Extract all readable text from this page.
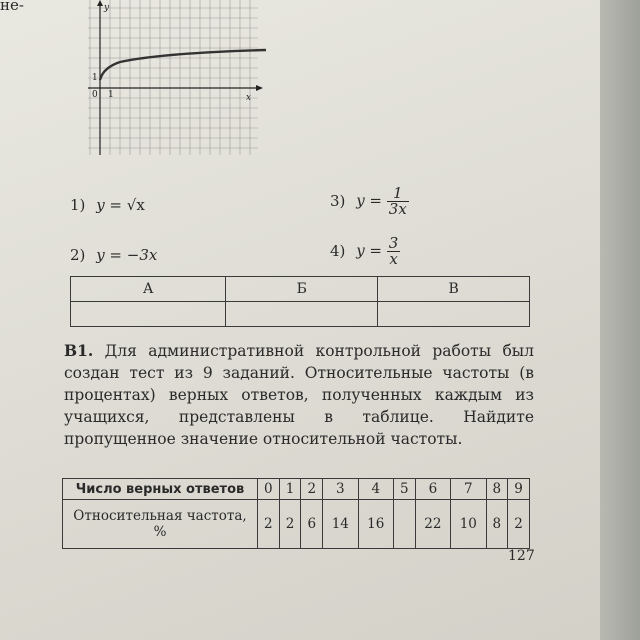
не-	y
x
0 1
1
1) y = √x	3) $y = \frac{1}{3x}$
2) y = −3x	4) $y = \frac{3}{x}$
А	Б	В

B1. Для административной контрольной работы был создан тест из 9 заданий. Относительные частоты (в процентах) верных ответов, полученных каждым из учащихся, представлены в таблице. Найдите пропущенное значение относительной частоты.
Число верных ответов	0	1	2	3	4	5	6	7	8	9
Относительная частота, %	2	2	6	14	16		22	10	8	2
127
